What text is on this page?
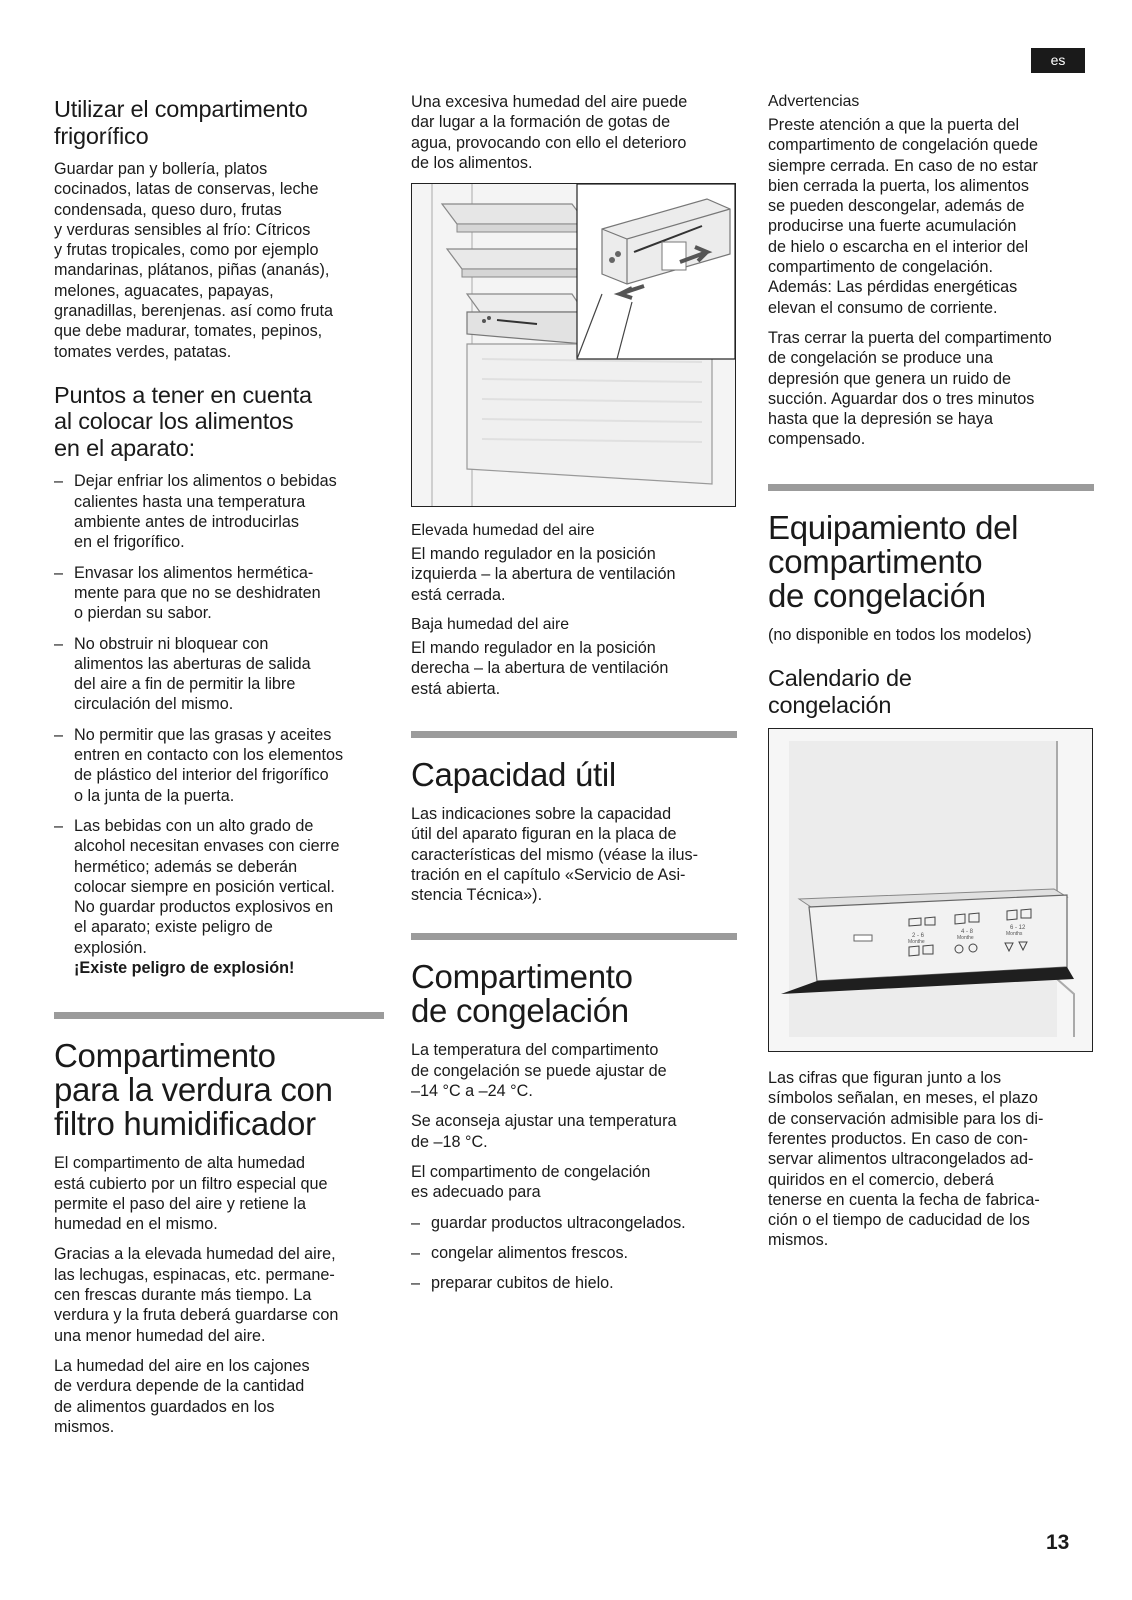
es
Utilizar el compartimento
frigorífico

Guardar pan y bollería, platos
cocinados, latas de conservas, leche
condensada, queso duro, frutas
y verduras sensibles al frío: Cítricos
y frutas tropicales, como por ejemplo
mandarinas, plátanos, piñas (ananás),
melones, aguacates, papayas,
granadillas, berenjenas. así como fruta
que debe madurar, tomates, pepinos,
tomates verdes, patatas.

Puntos a tener en cuenta
al colocar los alimentos
en el aparato:
– Dejar enfriar los alimentos o bebidas
calientes hasta una temperatura
ambiente antes de introducirlas
en el frigorífico.
– Envasar los alimentos hermética-
mente para que no se deshidraten
o pierdan su sabor.
– No obstruir ni bloquear con
alimentos las aberturas de salida
del aire a fin de permitir la libre
circulación del mismo.
– No permitir que las grasas y aceites
entren en contacto con los elementos
de plástico del interior del frigorífico
o la junta de la puerta.
– Las bebidas con un alto grado de
alcohol necesitan envases con cierre
hermético; además se deberán
colocar siempre en posición vertical.
No guardar productos explosivos en
el aparato; existe peligro de
explosión.

¡Existe peligro de explosión!
Compartimento
para la verdura con
filtro humidificador

El compartimento de alta humedad
está cubierto por un filtro especial que
permite el paso del aire y retiene la
humedad en el mismo.

Gracias a la elevada humedad del aire,
las lechugas, espinacas, etc. permane-
cen frescas durante más tiempo. La
verdura y la fruta deberá guardarse con
una menor humedad del aire.

La humedad del aire en los cajones
de verdura depende de la cantidad
de alimentos guardados en los
mismos.

Una excesiva humedad del aire puede
dar lugar a la formación de gotas de
agua, provocando con ello el deterioro
de los alimentos.

Elevada humedad del aire

El mando regulador en la posición
izquierda – la abertura de ventilación
está cerrada.

Baja humedad del aire

El mando regulador en la posición
derecha – la abertura de ventilación
está abierta.

Capacidad útil

Las indicaciones sobre la capacidad
útil del aparato figuran en la placa de
características del mismo (véase la ilus-
tración en el capítulo «Servicio de Asi-
stencia Técnica»).

Compartimento
de congelación

La temperatura del compartimento
de congelación se puede ajustar de
–14 °C a –24 °C.

Se aconseja ajustar una temperatura
de –18 °C.

El compartimento de congelación
es adecuado para

– guardar productos ultracongelados.
– congelar alimentos frescos.
– preparar cubitos de hielo.
Advertencias

Preste atención a que la puerta del
compartimento de congelación quede
siempre cerrada. En caso de no estar
bien cerrada la puerta, los alimentos
se pueden descongelar, además de
producirse una fuerte acumulación
de hielo o escarcha en el interior del
compartimento de congelación.
Además: Las pérdidas energéticas
elevan el consumo de corriente.

Tras cerrar la puerta del compartimento
de congelación se produce una
depresión que genera un ruido de
succión. Aguardar dos o tres minutos
hasta que la depresión se haya
compensado.

Equipamiento del
compartimento
de congelación

(no disponible en todos los modelos)

Calendario de
congelación
2 - 6
Monthe
4 - 8
Monthe
6 - 12
Months

Las cifras que figuran junto a los
símbolos señalan, en meses, el plazo
de conservación admisible para los di-
ferentes productos. En caso de con-
servar alimentos ultracongelados ad-
quiridos en el comercio, deberá
tenerse en cuenta la fecha de fabrica-
ción o el tiempo de caducidad de los
mismos.

13
